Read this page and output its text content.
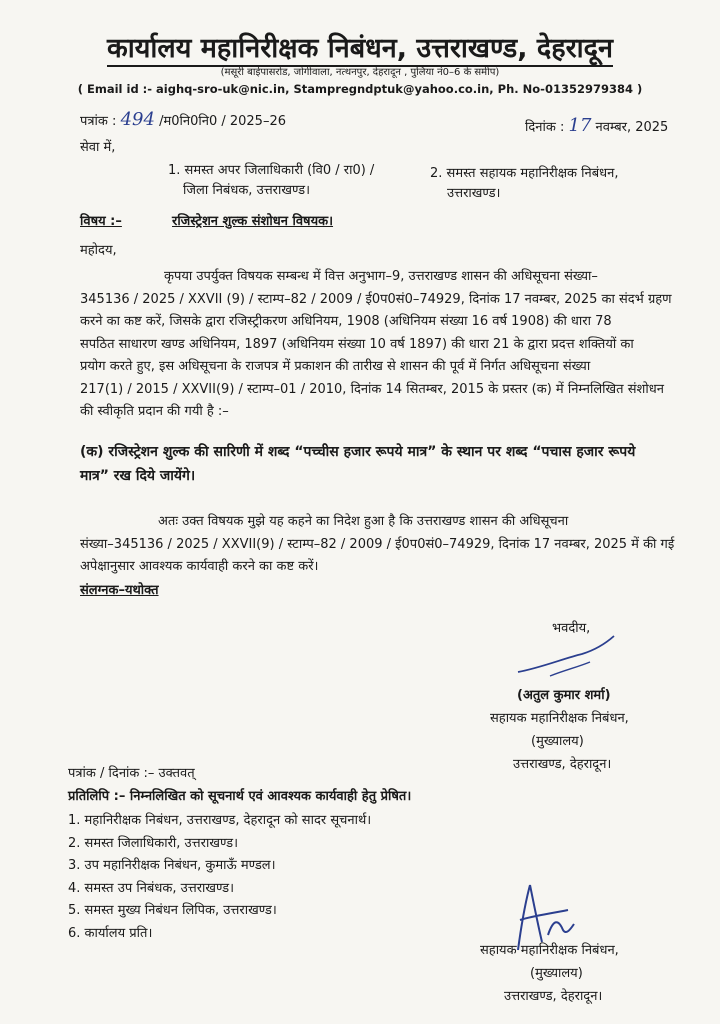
कार्यालय महानिरीक्षक निबंधन, उत्तराखण्ड, देहरादून
(मसूरी बाईपासरोड, जोगीवाला, नत्थनपुर, देहरादून , पुलिया नं0–6 के समीप)
( Email id :- aighq-sro-uk@nic.in, Stampregndptuk@yahoo.co.in, Ph. No-01352979384 )
पत्रांक : 494 /म0नि0नि0 / 2025–26	दिनांक : 17 नवम्बर, 2025
सेवा में,
1. समस्त अपर जिलाधिकारी (वि0 / रा0) /
जिला निबंधक, उत्तराखण्ड।
2. समस्त सहायक महानिरीक्षक निबंधन,
उत्तराखण्ड।
विषय :–	रजिस्ट्रेशन शुल्क संशोधन विषयक।
महोदय,
कृपया उपर्युक्त विषयक सम्बन्ध में वित्त अनुभाग–9, उत्तराखण्ड शासन की अधिसूचना संख्या–
345136 / 2025 / XXVII (9) / स्टाम्प–82 / 2009 / ई0प0सं0–74929, दिनांक 17 नवम्बर, 2025 का संदर्भ ग्रहण
करने का कष्ट करें, जिसके द्वारा रजिस्ट्रीकरण अधिनियम, 1908 (अधिनियम संख्या 16 वर्ष 1908) की धारा 78
सपठित साधारण खण्ड अधिनियम, 1897 (अधिनियम संख्या 10 वर्ष 1897) की धारा 21 के द्वारा प्रदत्त शक्तियों का
प्रयोग करते हुए, इस अधिसूचना के राजपत्र में प्रकाशन की तारीख से शासन की पूर्व में निर्गत अधिसूचना संख्या
217(1) / 2015 / XXVII(9) / स्टाम्प–01 / 2010, दिनांक 14 सितम्बर, 2015 के प्रस्तर (क) में निम्नलिखित संशोधन
की स्वीकृति प्रदान की गयी है :–
(क) रजिस्ट्रेशन शुल्क की सारिणी में शब्द “पच्चीस हजार रूपये मात्र” के स्थान पर शब्द “पचास हजार रूपये
मात्र” रख दिये जायेंगे।
अतः उक्त विषयक मुझे यह कहने का निदेश हुआ है कि उत्तराखण्ड शासन की अधिसूचना
संख्या–345136 / 2025 / XXVII(9) / स्टाम्प–82 / 2009 / ई0प0सं0–74929, दिनांक 17 नवम्बर, 2025 में की गई
अपेक्षानुसार आवश्यक कार्यवाही करने का कष्ट करें।
संलग्नक–यथोक्त
भवदीय,
(अतुल कुमार शर्मा)
सहायक महानिरीक्षक निबंधन,
(मुख्यालय)
उत्तराखण्ड, देहरादून।
पत्रांक / दिनांक :– उक्तवत्
प्रतिलिपि :– निम्नलिखित को सूचनार्थ एवं आवश्यक कार्यवाही हेतु प्रेषित।
1. महानिरीक्षक निबंधन, उत्तराखण्ड, देहरादून को सादर सूचनार्थ।
2. समस्त जिलाधिकारी, उत्तराखण्ड।
3. उप महानिरीक्षक निबंधन, कुमाऊँ मण्डल।
4. समस्त उप निबंधक, उत्तराखण्ड।
5. समस्त मुख्य निबंधन लिपिक, उत्तराखण्ड।
6. कार्यालय प्रति।
सहायक महानिरीक्षक निबंधन,
(मुख्यालय)
उत्तराखण्ड, देहरादून।
